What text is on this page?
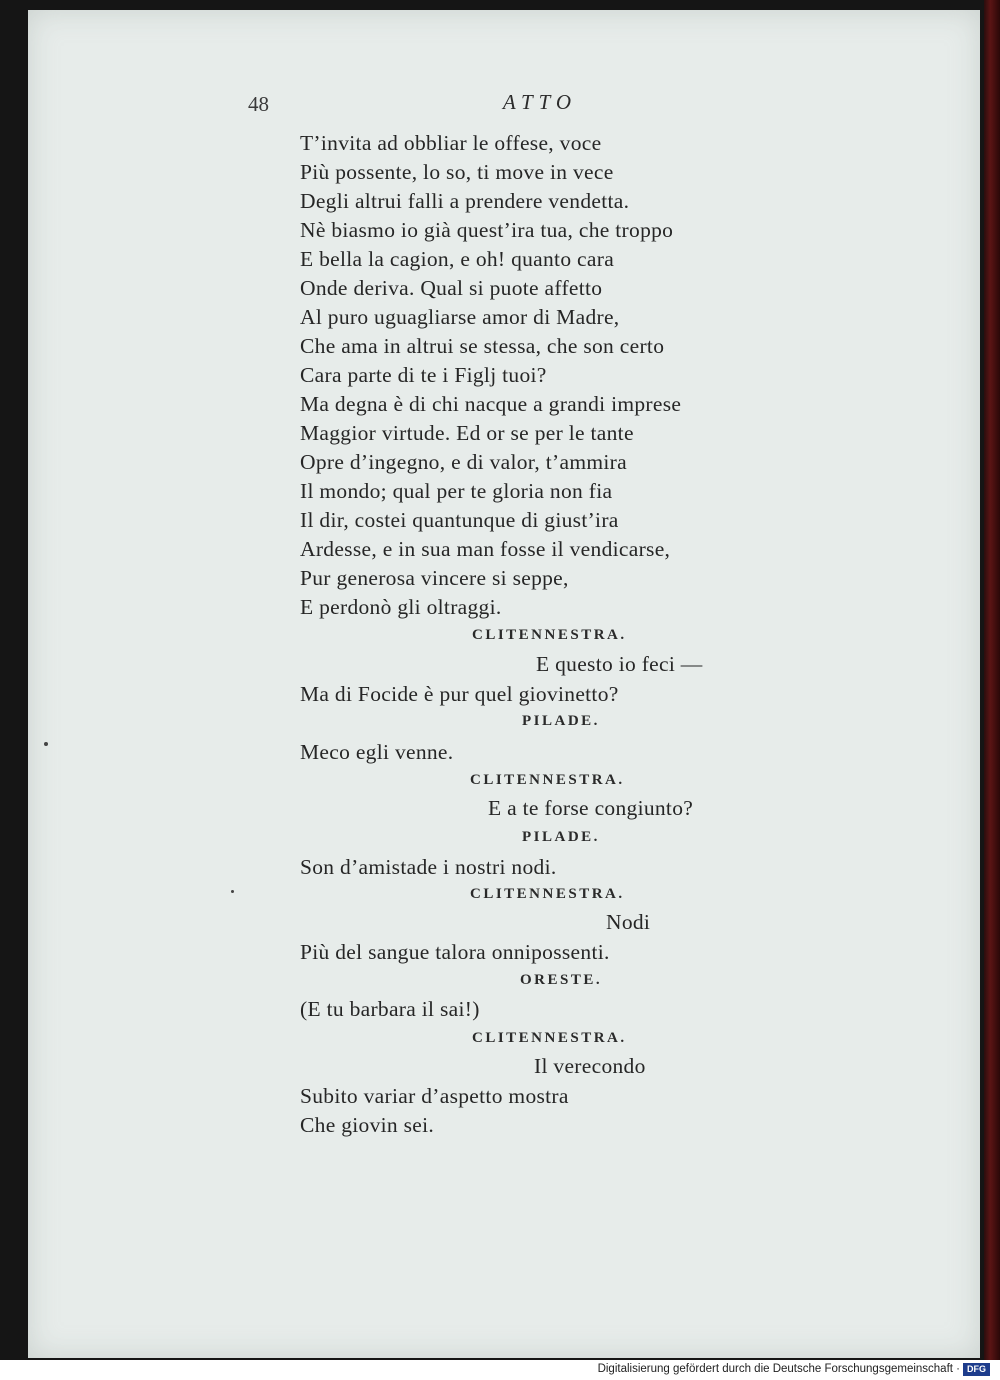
48	ATTO
T’invita ad obbliar le offese, voce
Più possente, lo so, ti move in vece
Degli altrui falli a prendere vendetta.
Nè biasmo io già quest’ira tua, che troppo
E bella la cagion, e oh! quanto cara
Onde deriva. Qual si puote affetto
Al puro uguagliarse amor di Madre,
Che ama in altrui se stessa, che son certo
Cara parte di te i Figlj tuoi?
Ma degna è di chi nacque a grandi imprese
Maggior virtude. Ed or se per le tante
Opre d’ingegno, e di valor, t’ammira
Il mondo; qual per te gloria non fia
Il dir, costei quantunque di giust’ira
Ardesse, e in sua man fosse il vendicarse,
Pur generosa vincere si seppe,
E perdonò gli oltraggi.
CLITENNESTRA.
E questo io feci —
Ma di Focide è pur quel giovinetto?
PILADE.
Meco egli venne.
CLITENNESTRA.
E a te forse congiunto?
PILADE.
Son d’amistade i nostri nodi.
CLITENNESTRA.
Nodi
Più del sangue talora onnipossenti.
ORESTE.
(E tu barbara il sai!)
CLITENNESTRA.
Il verecondo
Subito variar d’aspetto mostra
Che giovin sei.
Digitalisierung gefördert durch die Deutsche Forschungsgemeinschaft · DFG
